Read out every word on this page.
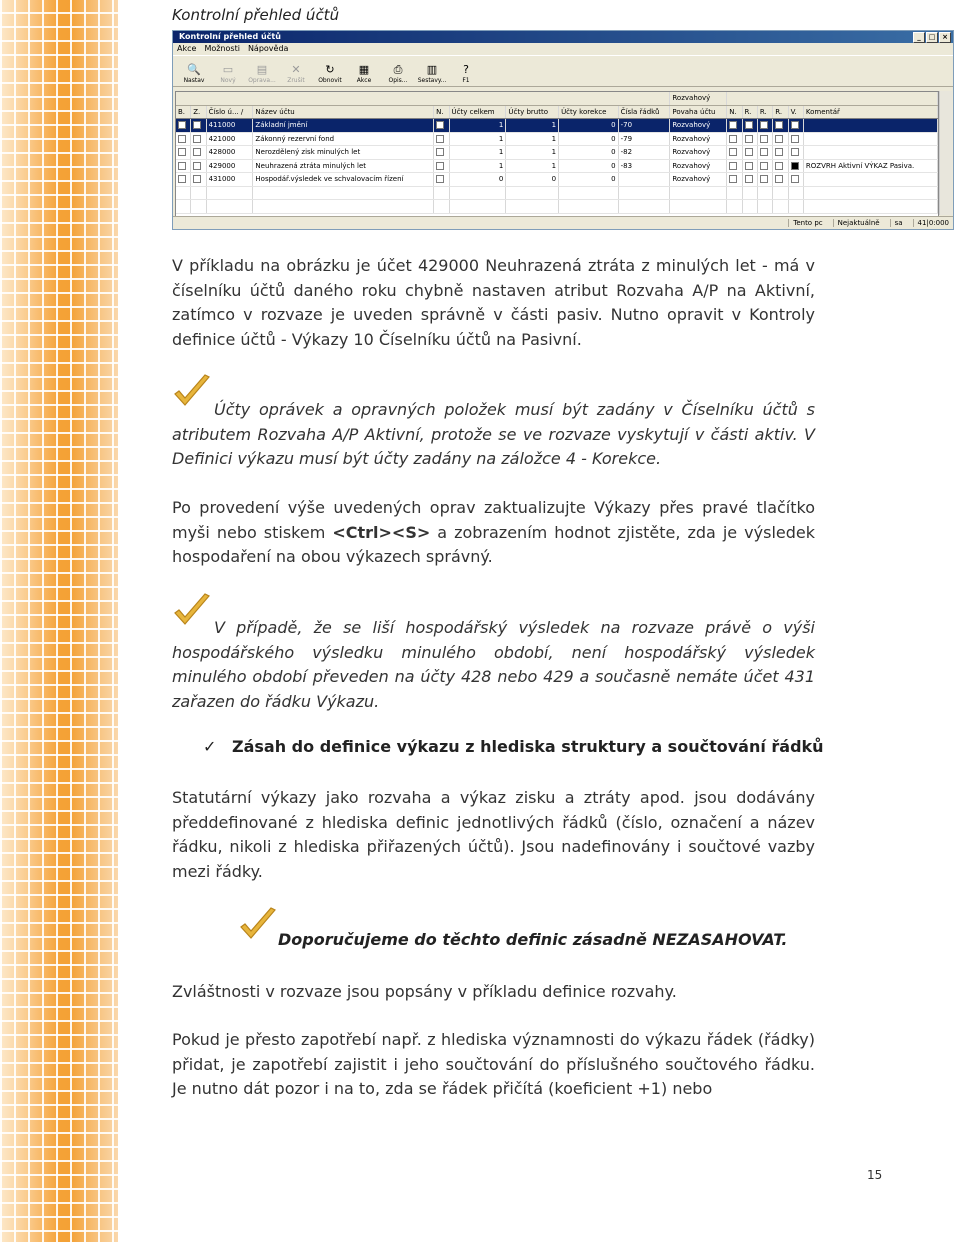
Kontrolní přehled účtů
Kontrolní přehled účtů	_	□ ×
Akce Možnosti Nápověda
🔍
Nastav
▭
Nový
▤
Oprava...
✕
Zrušit
↻
Obnovit
▦
Akce
⎙
Opis...
▥
Sestavy...
?
F1
									Rozvahový						
B.	Z.	Číslo ú... /	Název účtu	N.	Účty celkem	Účty brutto	Účty korekce	Čísla řádků	Povaha účtu	N.	R.	R.	R.	V.	Komentář
		411000	Základní jmění		1	1	0	-70	Rozvahový						
		421000	Zákonný rezervní fond		1	1	0	-79	Rozvahový						
		428000	Nerozdělený zisk minulých let		1	1	0	-82	Rozvahový						
		429000	Neuhrazená ztráta minulých let		1	1	0	-83	Rozvahový						ROZVRH Aktivní VÝKAZ Pasiva.
		431000	Hospodář.výsledek ve schvalovacím řízení		0	0	0		Rozvahový						

Tento pc	Nejaktuálně	sa	41|0:000
V příkladu na obrázku je účet 429000 Neuhrazená ztráta z minulých let - má v číselníku účtů daného roku chybně nastaven atribut Rozvaha A/P na Aktivní, zatímco v rozvaze je uveden správně v části pasiv. Nutno opravit v Kontroly definice účtů - Výkazy 10 Číselníku účtů na Pasivní.
Účty oprávek a opravných položek musí být zadány v Číselníku účtů s atributem Rozvaha A/P Aktivní, protože se ve rozvaze vyskytují v části aktiv. V Definici výkazu musí být účty zadány na záložce 4 - Korekce.
Po provedení výše uvedených oprav zaktualizujte Výkazy přes pravé tlačítko myši nebo stiskem <Ctrl><S> a zobrazením hodnot zjistěte, zda je výsledek hospodaření na obou výkazech správný.
V případě, že se liší hospodářský výsledek na rozvaze právě o výši hospodářského výsledku minulého období, není hospodářský výsledek minulého období převeden na účty 428 nebo 429 a současně nemáte účet 431 zařazen do řádku Výkazu.
✓ Zásah do definice výkazu z hlediska struktury a součtování řádků
Statutární výkazy jako rozvaha a výkaz zisku a ztráty apod. jsou dodávány předdefinované z hlediska definic jednotlivých řádků (číslo, označení a název řádku, nikoli z hlediska přiřazených účtů). Jsou nadefinovány i součtové vazby mezi řádky.
Doporučujeme do těchto definic zásadně NEZASAHOVAT.
Zvláštnosti v rozvaze jsou popsány v příkladu definice rozvahy.
Pokud je přesto zapotřebí např. z hlediska významnosti do výkazu řádek (řádky) přidat, je zapotřebí zajistit i jeho součtování do příslušného součtového řádku. Je nutno dát pozor i na to, zda se řádek přičítá (koeficient +1) nebo
15
